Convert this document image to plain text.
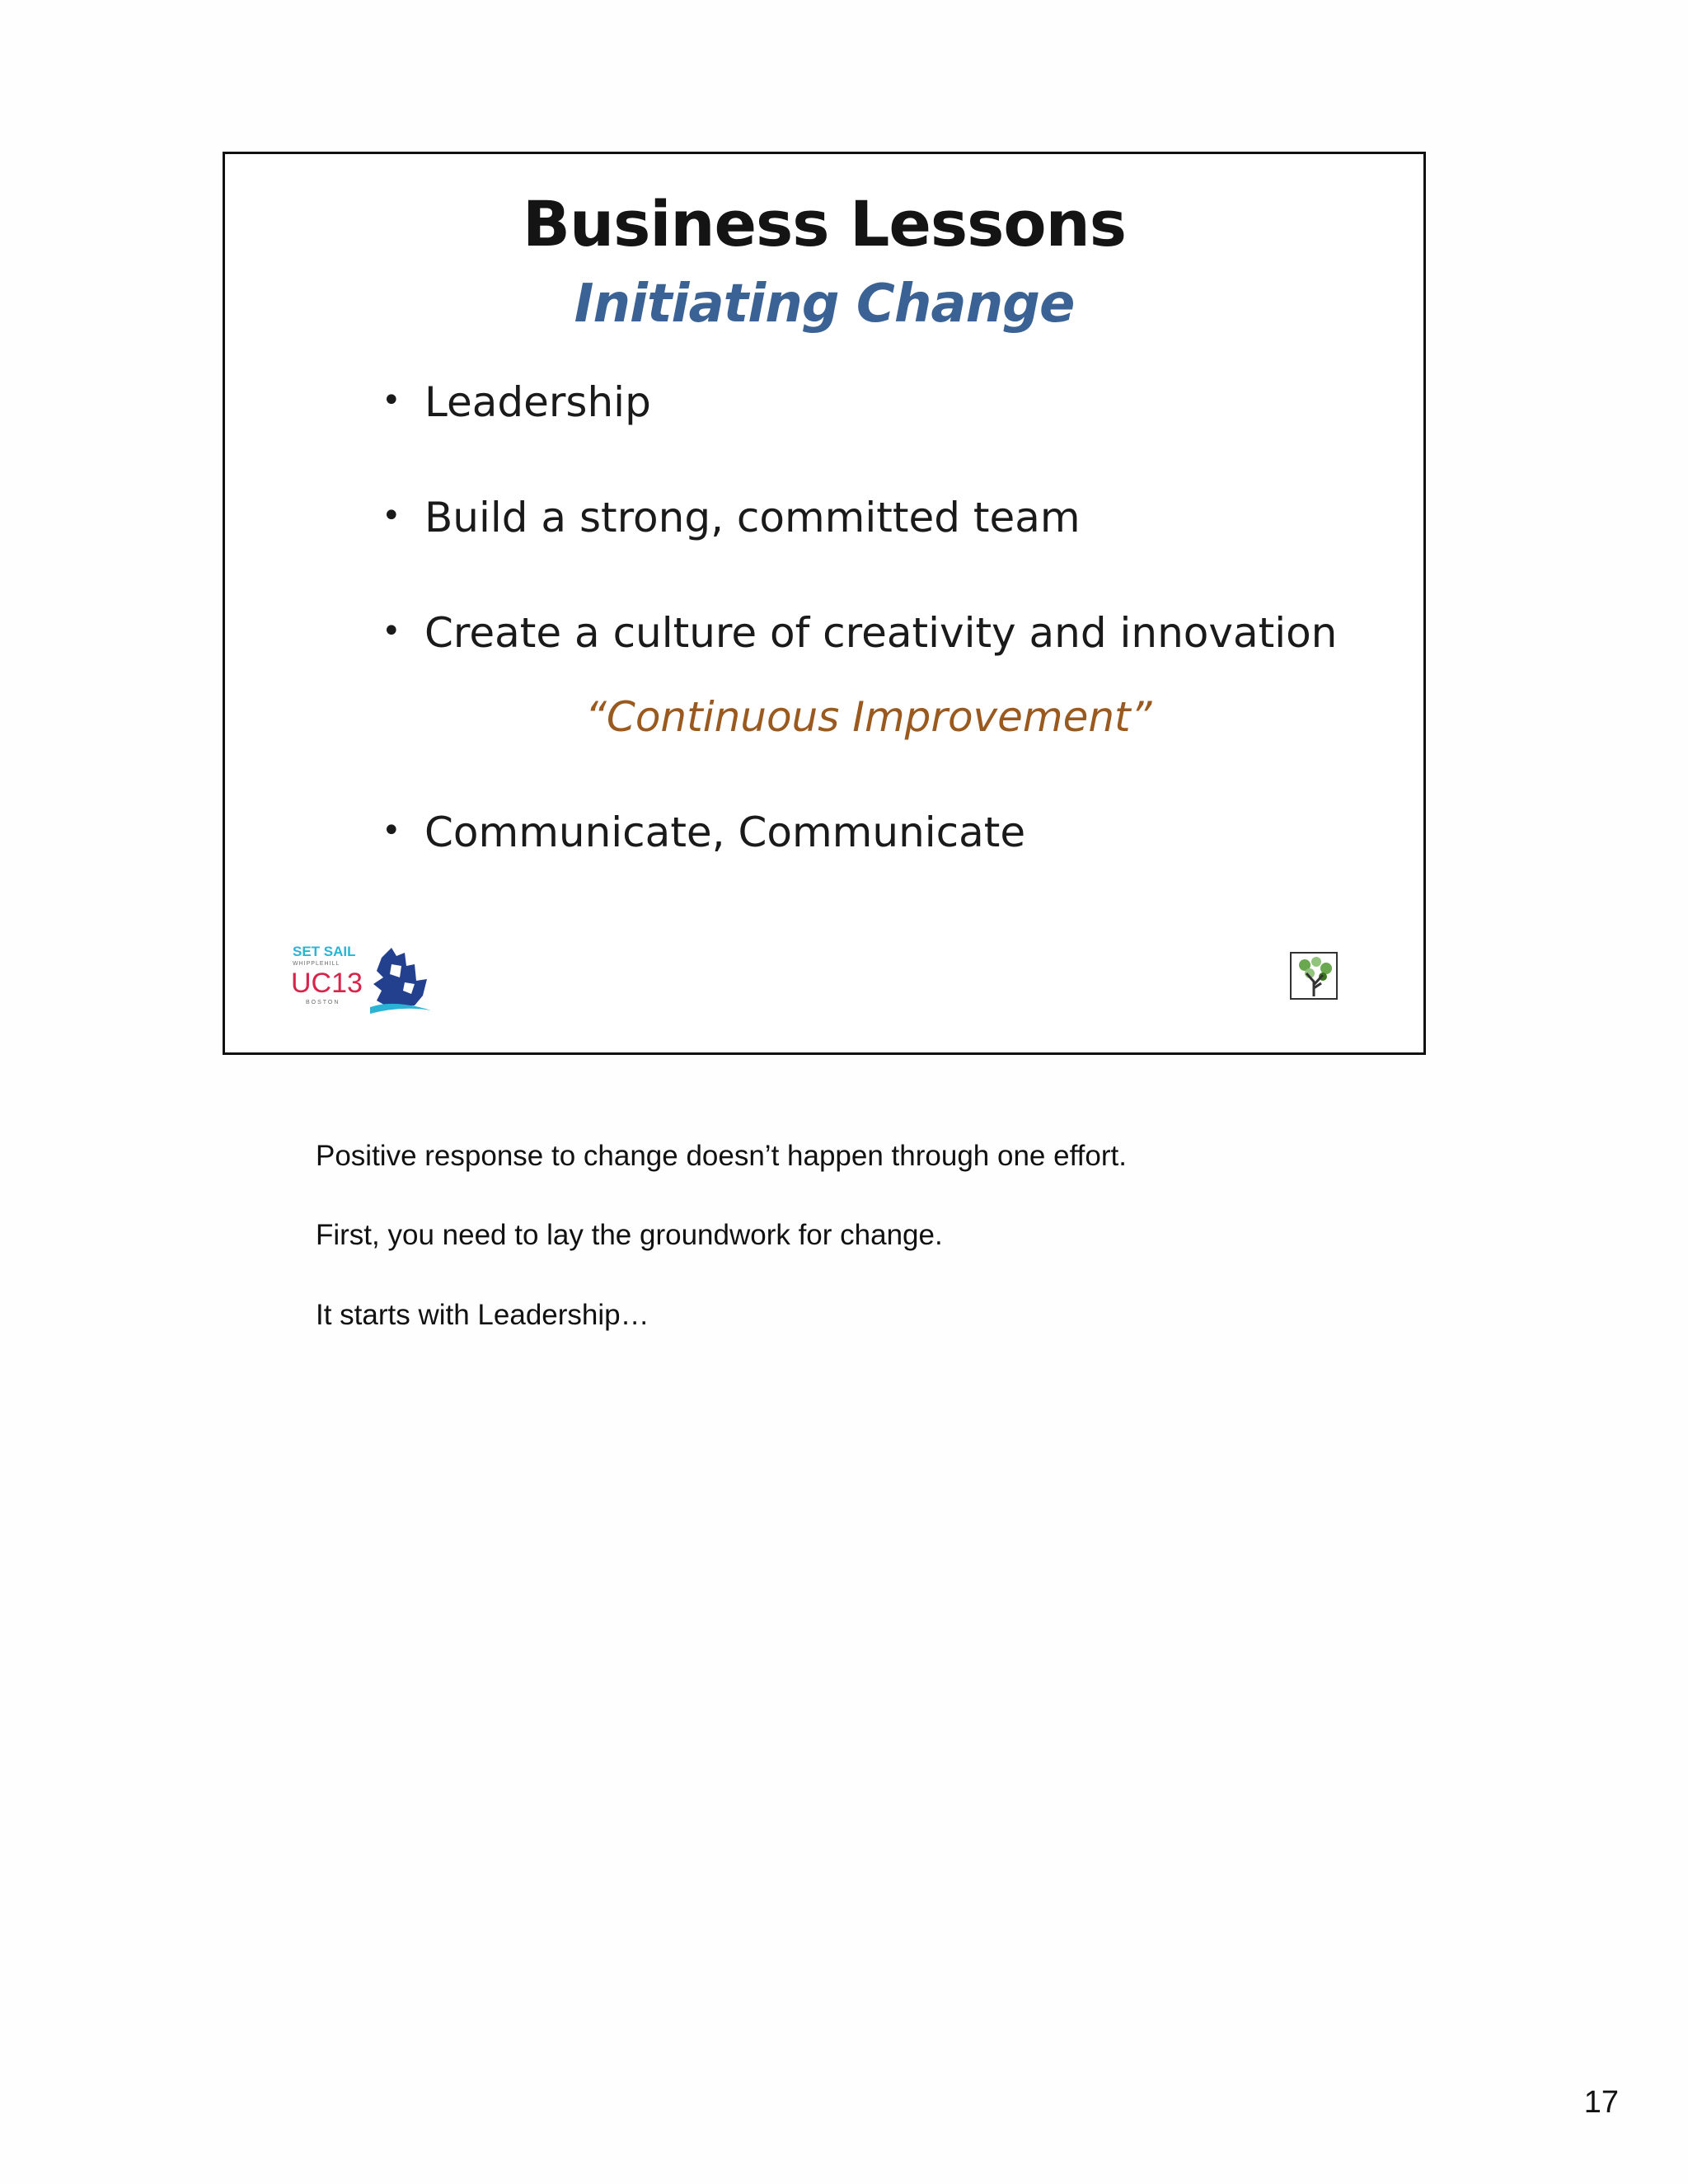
Business Lessons
Initiating Change
• Leadership
• Build a strong, committed team
• Create a culture of creativity and innovation
“Continuous Improvement”
• Communicate, Communicate
SET SAIL
WHIPPLEHILL
UC13
BOSTON
Positive response to change doesn’t happen through one effort.
First, you need to lay the groundwork for change.
It starts with Leadership…
17
